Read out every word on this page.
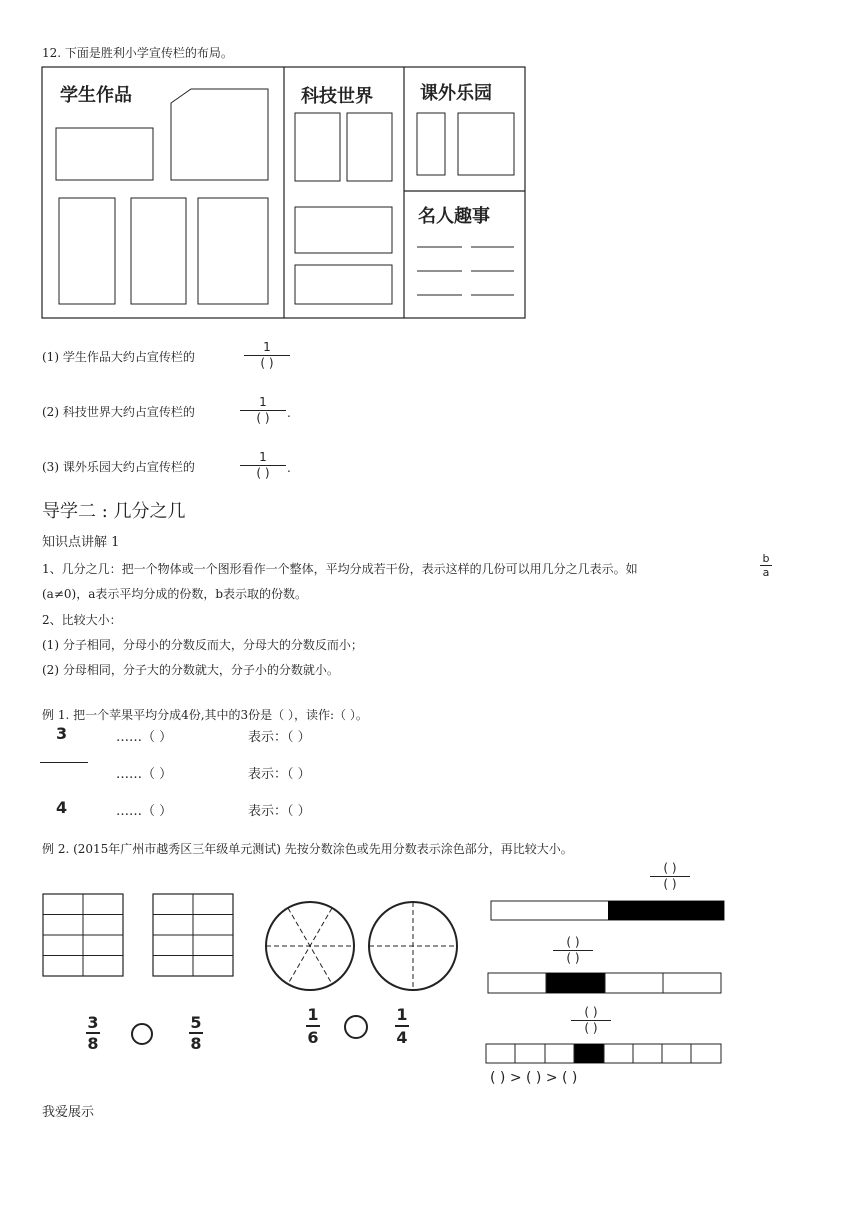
12. 下面是胜利小学宣传栏的布局。
学生作品	科技世界	课外乐园
名人趣事
(1) 学生作品大约占宣传栏的
1
( )
(2) 科技世界大约占宣传栏的
1
( )	.
(3) 课外乐园大约占宣传栏的
1
( )	.
导学二 : 几分之几
知识点讲解 1
1、几分之几：把一个物体或一个图形看作一个整体，平均分成若干份，表示这样的几份可以用几分之几表示。如
b
a
(a≠0)，a表示平均分成的份数，b表示取的份数。
2、比较大小：
(1) 分子相同，分母小的分数反而大，分母大的分数反而小；
(2) 分母相同，分子大的分数就大，分子小的分数就小。
例 1. 把一个苹果平均分成4份,其中的3份是（ ），读作:（ ）。
3
4
……（ ）	表示：（ ）
……（ ）	表示：（ ）
……（ ）	表示：（ ）
例 2. (2015年广州市越秀区三年级单元测试) 先按分数涂色或先用分数表示涂色部分，再比较大小。
3
8
5
8
1
6
1
4
( )
( )
( )
( )
( )
( )
( ) > ( ) > ( )
我爱展示
